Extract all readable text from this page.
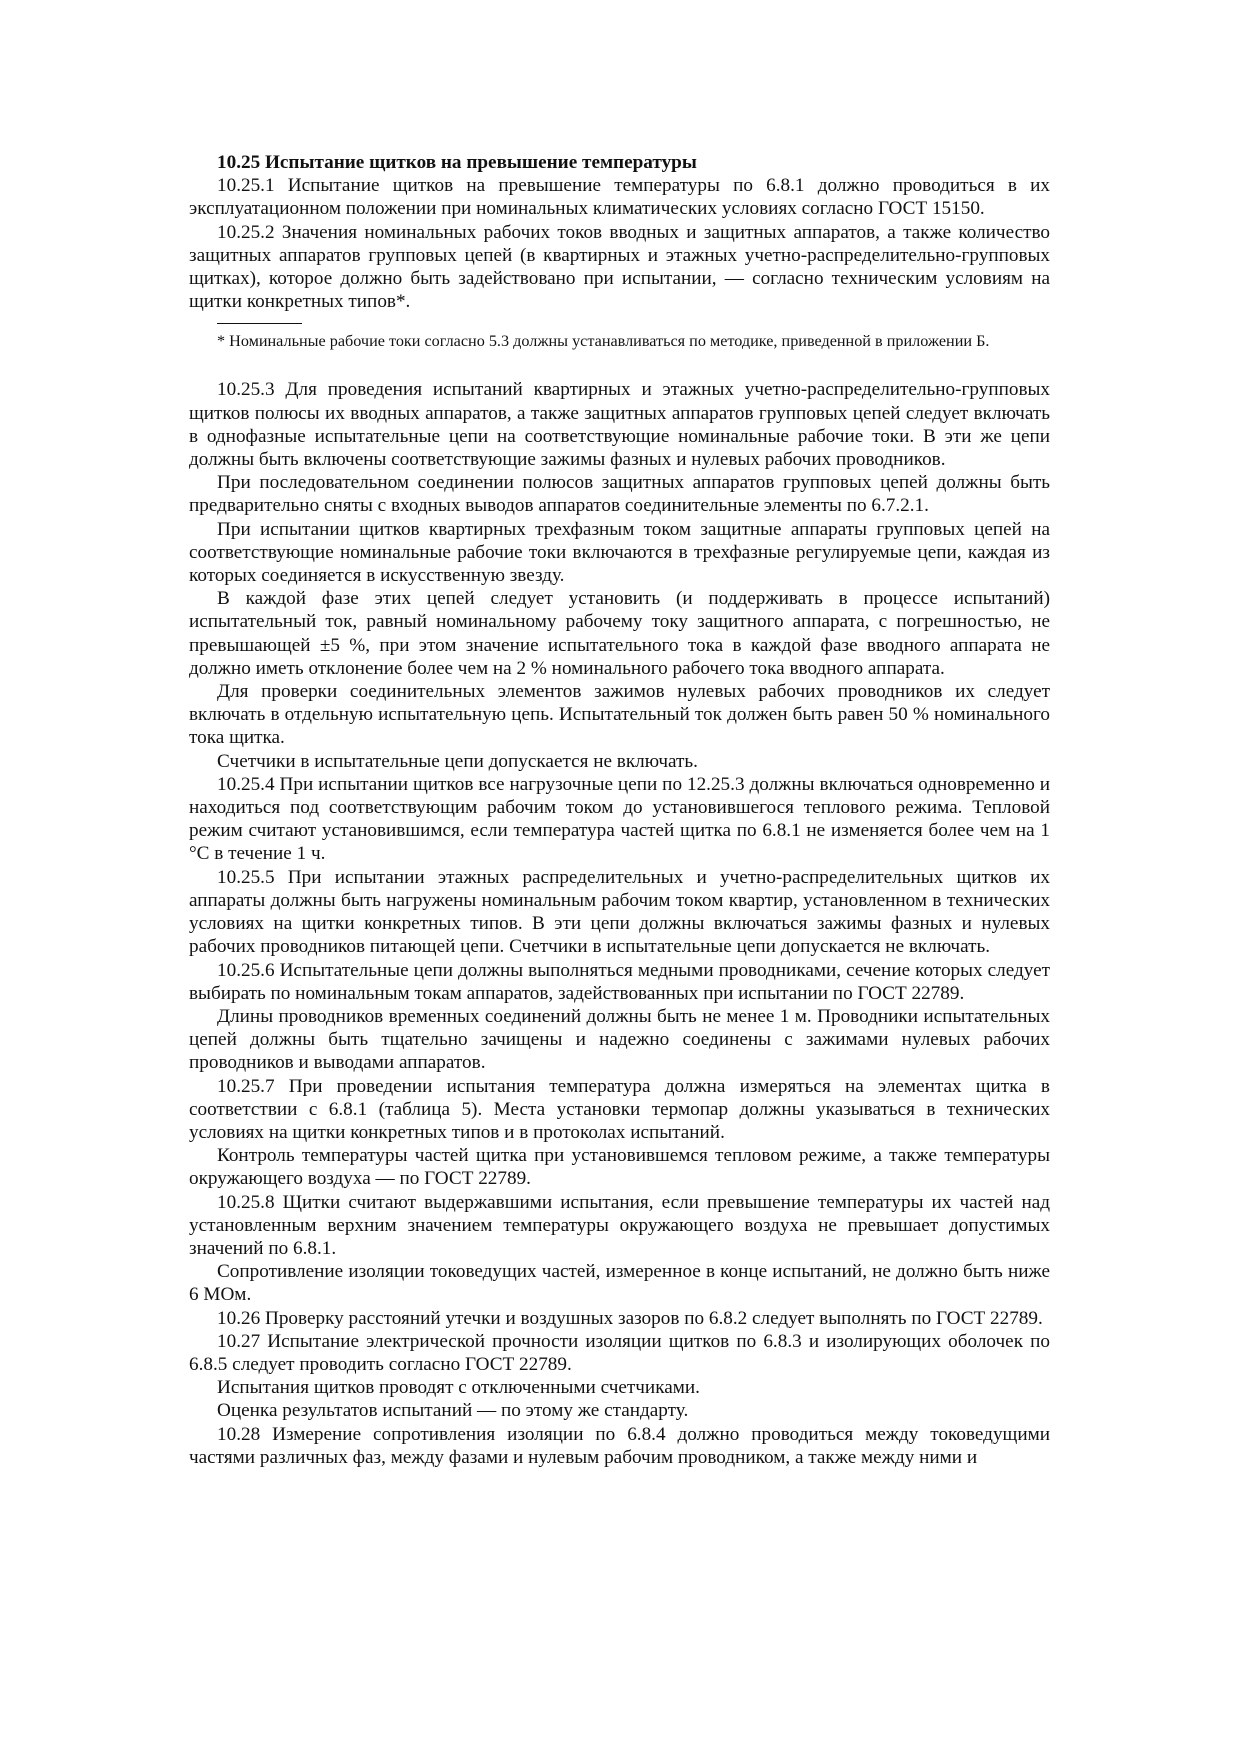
10.25 Испытание щитков на превышение температуры

10.25.1 Испытание щитков на превышение температуры по 6.8.1 должно проводиться в их эксплуатационном положении при номинальных климатических условиях согласно ГОСТ 15150.

10.25.2 Значения номинальных рабочих токов вводных и защитных аппаратов, а также количество защитных аппаратов групповых цепей (в квартирных и этажных учетно-распределительно-групповых щитках), которое должно быть задействовано при испытании, — согласно техническим условиям на щитки конкретных типов*.

* Номинальные рабочие токи согласно 5.3 должны устанавливаться по методике, приведенной в приложении Б.

10.25.3 Для проведения испытаний квартирных и этажных учетно-распределительно-групповых щитков полюсы их вводных аппаратов, а также защитных аппаратов групповых цепей следует включать в однофазные испытательные цепи на соответствующие номинальные рабочие токи. В эти же цепи должны быть включены соответствующие зажимы фазных и нулевых рабочих проводников.

При последовательном соединении полюсов защитных аппаратов групповых цепей должны быть предварительно сняты с входных выводов аппаратов соединительные элементы по 6.7.2.1.

При испытании щитков квартирных трехфазным током защитные аппараты групповых цепей на соответствующие номинальные рабочие токи включаются в трехфазные регулируемые цепи, каждая из которых соединяется в искусственную звезду.

В каждой фазе этих цепей следует установить (и поддерживать в процессе испытаний) испытательный ток, равный номинальному рабочему току защитного аппарата, с погрешностью, не превышающей ±5 %, при этом значение испытательного тока в каждой фазе вводного аппарата не должно иметь отклонение более чем на 2 % номинального рабочего тока вводного аппарата.

Для проверки соединительных элементов зажимов нулевых рабочих проводников их следует включать в отдельную испытательную цепь. Испытательный ток должен быть равен 50 % номинального тока щитка.

Счетчики в испытательные цепи допускается не включать.

10.25.4 При испытании щитков все нагрузочные цепи по 12.25.3 должны включаться одновременно и находиться под соответствующим рабочим током до установившегося теплового режима. Тепловой режим считают установившимся, если температура частей щитка по 6.8.1 не изменяется более чем на 1 °С в течение 1 ч.

10.25.5 При испытании этажных распределительных и учетно-распределительных щитков их аппараты должны быть нагружены номинальным рабочим током квартир, установленном в технических условиях на щитки конкретных типов. В эти цепи должны включаться зажимы фазных и нулевых рабочих проводников питающей цепи. Счетчики в испытательные цепи допускается не включать.

10.25.6 Испытательные цепи должны выполняться медными проводниками, сечение которых следует выбирать по номинальным токам аппаратов, задействованных при испытании по ГОСТ 22789.

Длины проводников временных соединений должны быть не менее 1 м. Проводники испытательных цепей должны быть тщательно зачищены и надежно соединены с зажимами нулевых рабочих проводников и выводами аппаратов.

10.25.7 При проведении испытания температура должна измеряться на элементах щитка в соответствии с 6.8.1 (таблица 5). Места установки термопар должны указываться в технических условиях на щитки конкретных типов и в протоколах испытаний.

Контроль температуры частей щитка при установившемся тепловом режиме, а также температуры окружающего воздуха — по ГОСТ 22789.

10.25.8 Щитки считают выдержавшими испытания, если превышение температуры их частей над установленным верхним значением температуры окружающего воздуха не превышает допустимых значений по 6.8.1.

Сопротивление изоляции токоведущих частей, измеренное в конце испытаний, не должно быть ниже 6 МОм.

10.26 Проверку расстояний утечки и воздушных зазоров по 6.8.2 следует выполнять по ГОСТ 22789.

10.27 Испытание электрической прочности изоляции щитков по 6.8.3 и изолирующих оболочек по 6.8.5 следует проводить согласно ГОСТ 22789.

Испытания щитков проводят с отключенными счетчиками.

Оценка результатов испытаний — по этому же стандарту.

10.28 Измерение сопротивления изоляции по 6.8.4 должно проводиться между токоведущими частями различных фаз, между фазами и нулевым рабочим проводником, а также между ними и
